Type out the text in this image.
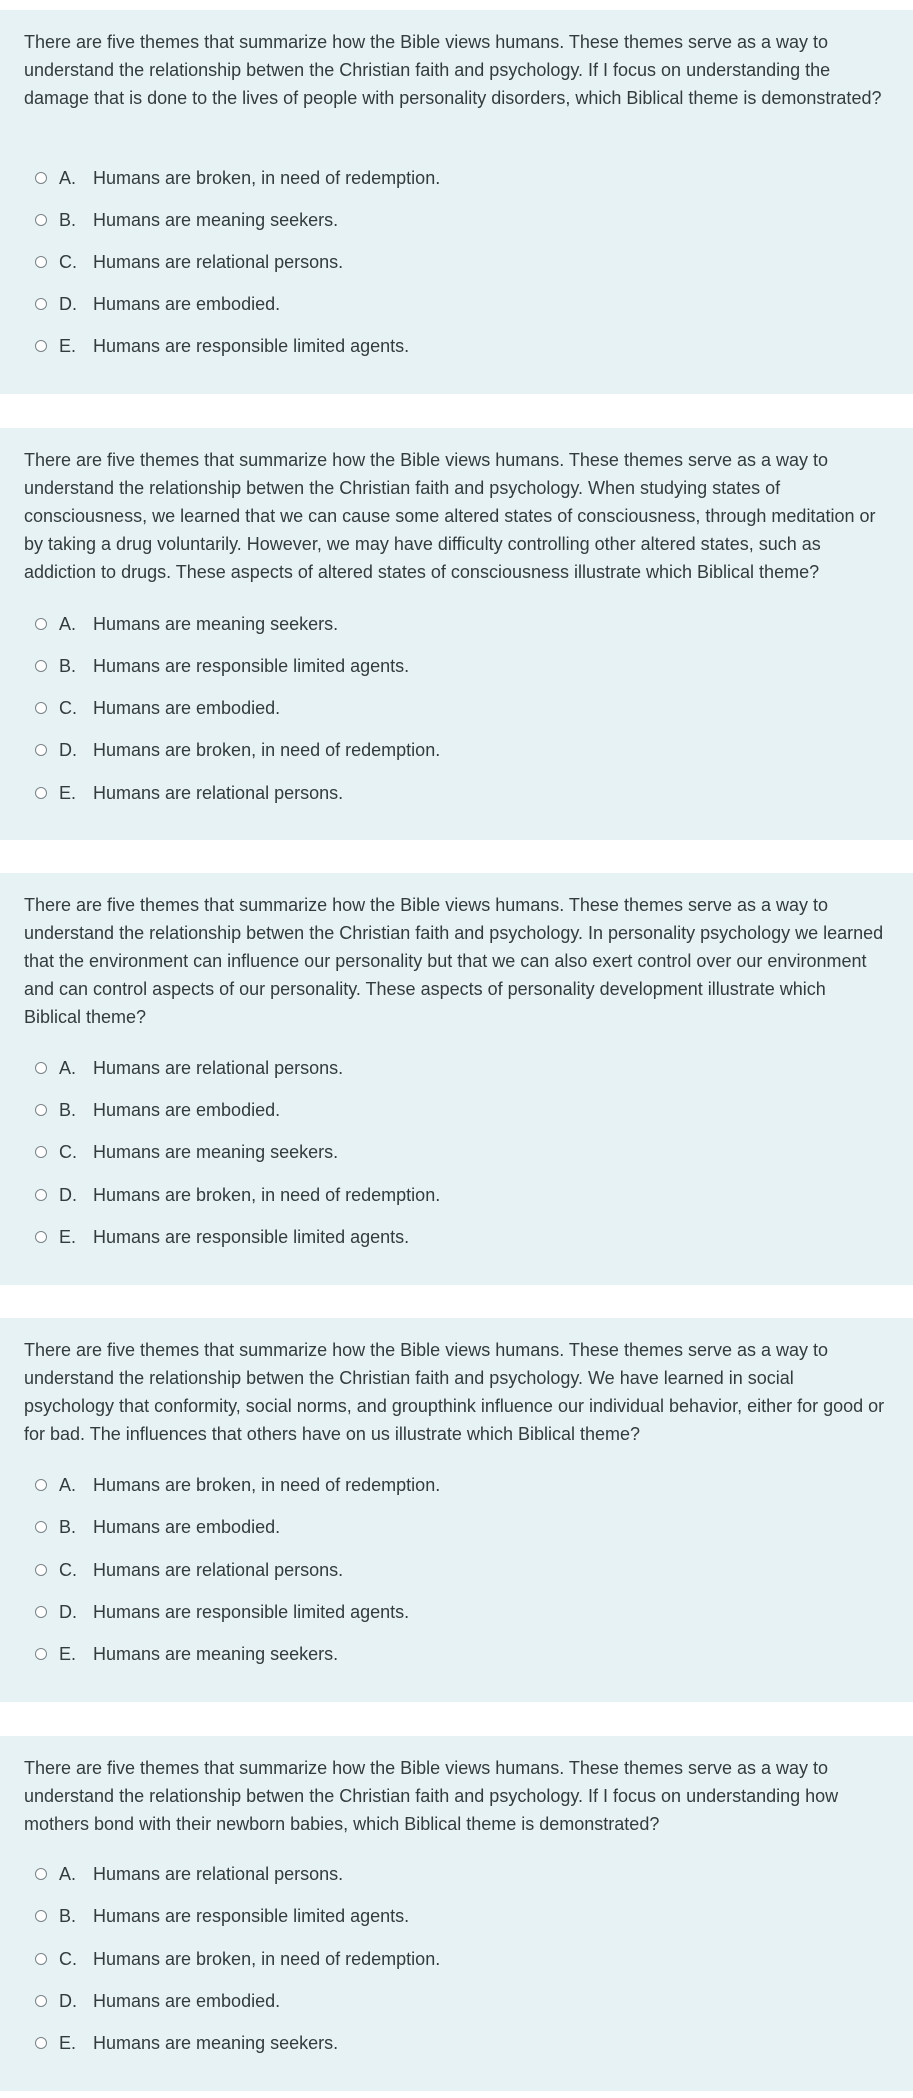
There are five themes that summarize how the Bible views humans. These themes serve as a way to understand the relationship betwen the Christian faith and psychology. If I focus on understanding the damage that is done to the lives of people with personality disorders, which Biblical theme is demonstrated?

A. Humans are broken, in need of redemption.
B. Humans are meaning seekers.
C. Humans are relational persons.
D. Humans are embodied.
E. Humans are responsible limited agents.

There are five themes that summarize how the Bible views humans. These themes serve as a way to understand the relationship betwen the Christian faith and psychology. When studying states of consciousness, we learned that we can cause some altered states of consciousness, through meditation or by taking a drug voluntarily. However, we may have difficulty controlling other altered states, such as addiction to drugs. These aspects of altered states of consciousness illustrate which Biblical theme?

A. Humans are meaning seekers.
B. Humans are responsible limited agents.
C. Humans are embodied.
D. Humans are broken, in need of redemption.
E. Humans are relational persons.

There are five themes that summarize how the Bible views humans. These themes serve as a way to understand the relationship betwen the Christian faith and psychology. In personality psychology we learned that the environment can influence our personality but that we can also exert control over our environment and can control aspects of our personality. These aspects of personality development illustrate which Biblical theme?

A. Humans are relational persons.
B. Humans are embodied.
C. Humans are meaning seekers.
D. Humans are broken, in need of redemption.
E. Humans are responsible limited agents.

There are five themes that summarize how the Bible views humans. These themes serve as a way to understand the relationship betwen the Christian faith and psychology. We have learned in social psychology that conformity, social norms, and groupthink influence our individual behavior, either for good or for bad. The influences that others have on us illustrate which Biblical theme?

A. Humans are broken, in need of redemption.
B. Humans are embodied.
C. Humans are relational persons.
D. Humans are responsible limited agents.
E. Humans are meaning seekers.

There are five themes that summarize how the Bible views humans. These themes serve as a way to understand the relationship betwen the Christian faith and psychology. If I focus on understanding how mothers bond with their newborn babies, which Biblical theme is demonstrated?

A. Humans are relational persons.
B. Humans are responsible limited agents.
C. Humans are broken, in need of redemption.
D. Humans are embodied.
E. Humans are meaning seekers.
